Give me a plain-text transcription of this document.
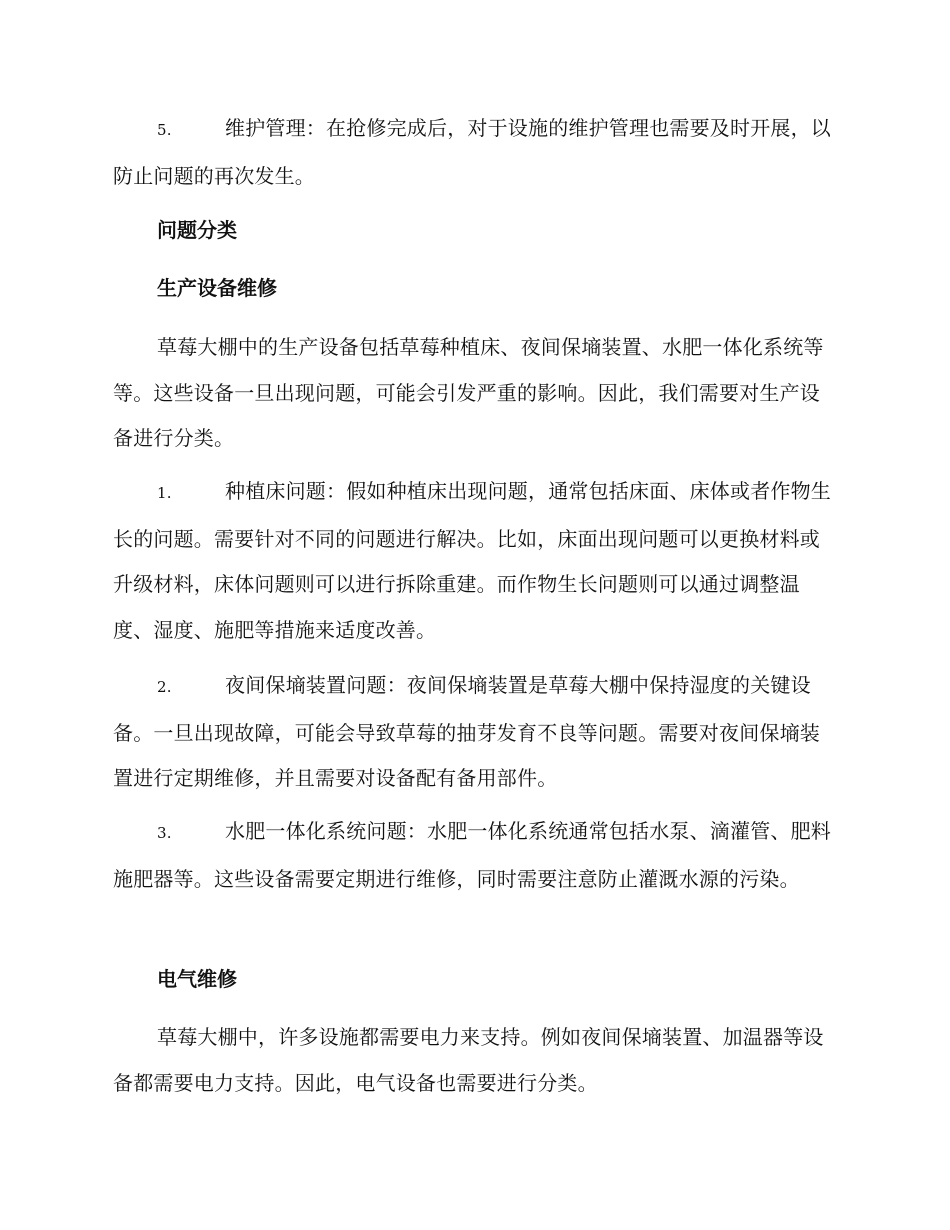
5.	维护管理：在抢修完成后，对于设施的维护管理也需要及时开展，以防止问题的再次发生。

问题分类
生产设备维修

草莓大棚中的生产设备包括草莓种植床、夜间保墒装置、水肥一体化系统等等。这些设备一旦出现问题，可能会引发严重的影响。因此，我们需要对生产设备进行分类。

1.	种植床问题：假如种植床出现问题，通常包括床面、床体或者作物生长的问题。需要针对不同的问题进行解决。比如，床面出现问题可以更换材料或升级材料，床体问题则可以进行拆除重建。而作物生长问题则可以通过调整温度、湿度、施肥等措施来适度改善。

2.	夜间保墒装置问题：夜间保墒装置是草莓大棚中保持湿度的关键设备。一旦出现故障，可能会导致草莓的抽芽发育不良等问题。需要对夜间保墒装置进行定期维修，并且需要对设备配有备用部件。

3.	水肥一体化系统问题：水肥一体化系统通常包括水泵、滴灌管、肥料施肥器等。这些设备需要定期进行维修，同时需要注意防止灌溉水源的污染。

电气维修

草莓大棚中，许多设施都需要电力来支持。例如夜间保墒装置、加温器等设备都需要电力支持。因此，电气设备也需要进行分类。
